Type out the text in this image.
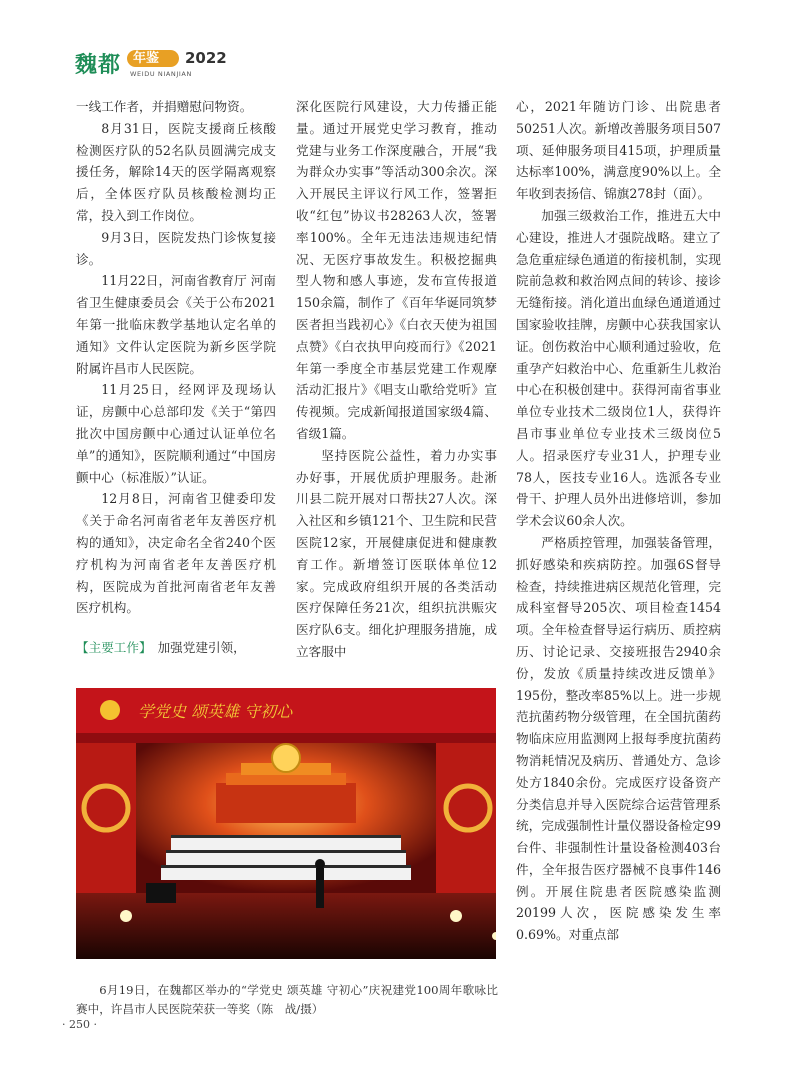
魏都 年鉴 2022
WEIDU NIANJIAN

一线工作者，并捐赠慰问物资。

8月31日，医院支援商丘核酸检测医疗队的52名队员圆满完成支援任务，解除14天的医学隔离观察后，全体医疗队员核酸检测均正常，投入到工作岗位。

9月3日，医院发热门诊恢复接诊。

11月22日，河南省教育厅 河南省卫生健康委员会《关于公布2021年第一批临床教学基地认定名单的通知》文件认定医院为新乡医学院附属许昌市人民医院。

11月25日，经网评及现场认证，房颤中心总部印发《关于“第四批次中国房颤中心通过认证单位名单”的通知》，医院顺利通过“中国房颤中心（标准版）”认证。

12月8日，河南省卫健委印发《关于命名河南省老年友善医疗机构的通知》，决定命名全省240个医疗机构为河南省老年友善医疗机构，医院成为首批河南省老年友善医疗机构。

【主要工作】 加强党建引领，

深化医院行风建设，大力传播正能量。通过开展党史学习教育，推动党建与业务工作深度融合，开展“我为群众办实事”等活动300余次。深入开展民主评议行风工作，签署拒收“红包”协议书28263人次，签署率100%。全年无违法违规违纪情况、无医疗事故发生。积极挖掘典型人物和感人事迹，发布宣传报道150余篇，制作了《百年华诞同筑梦 医者担当践初心》《白衣天使为祖国点赞》《白衣执甲向疫而行》《2021年第一季度全市基层党建工作观摩活动汇报片》《唱支山歌给党听》宣传视频。完成新闻报道国家级4篇、省级1篇。

坚持医院公益性，着力办实事办好事，开展优质护理服务。赴淅川县二院开展对口帮扶27人次。深入社区和乡镇121个、卫生院和民营医院12家，开展健康促进和健康教育工作。新增签订医联体单位12家。完成政府组织开展的各类活动医疗保障任务21次，组织抗洪赈灾医疗队6支。细化护理服务措施，成立客服中

心，2021年随访门诊、出院患者50251人次。新增改善服务项目507项、延伸服务项目415项，护理质量达标率100%，满意度90%以上。全年收到表扬信、锦旗278封（面）。

加强三级救治工作，推进五大中心建设，推进人才强院战略。建立了急危重症绿色通道的衔接机制，实现院前急救和救治网点间的转诊、接诊无缝衔接。消化道出血绿色通道通过国家验收挂牌，房颤中心获我国家认证。创伤救治中心顺利通过验收，危重孕产妇救治中心、危重新生儿救治中心在积极创建中。获得河南省事业单位专业技术二级岗位1人，获得许昌市事业单位专业技术三级岗位5人。招录医疗专业31人，护理专业78人，医技专业16人。选派各专业骨干、护理人员外出进修培训，参加学术会议60余人次。

严格质控管理，加强装备管理，抓好感染和疾病防控。加强6S督导检查，持续推进病区规范化管理，完成科室督导205次、项目检查1454项。全年检查督导运行病历、质控病历、讨论记录、交接班报告2940余份，发放《质量持续改进反馈单》195份，整改率85%以上。进一步规范抗菌药物分级管理，在全国抗菌药物临床应用监测网上报每季度抗菌药物消耗情况及病历、普通处方、急诊处方1840余份。完成医疗设备资产分类信息并导入医院综合运营管理系统，完成强制性计量仪器设备检定99台件、非强制性计量设备检测403台件，全年报告医疗器械不良事件146例。开展住院患者医院感染监测20199人次，医院感染发生率0.69%。对重点部

学党史 颂英雄 守初心

6月19日，在魏都区举办的“学党史 颂英雄 守初心”庆祝建党100周年歌咏比赛中，许昌市人民医院荣获一等奖（陈　战/摄）

· 250 ·
